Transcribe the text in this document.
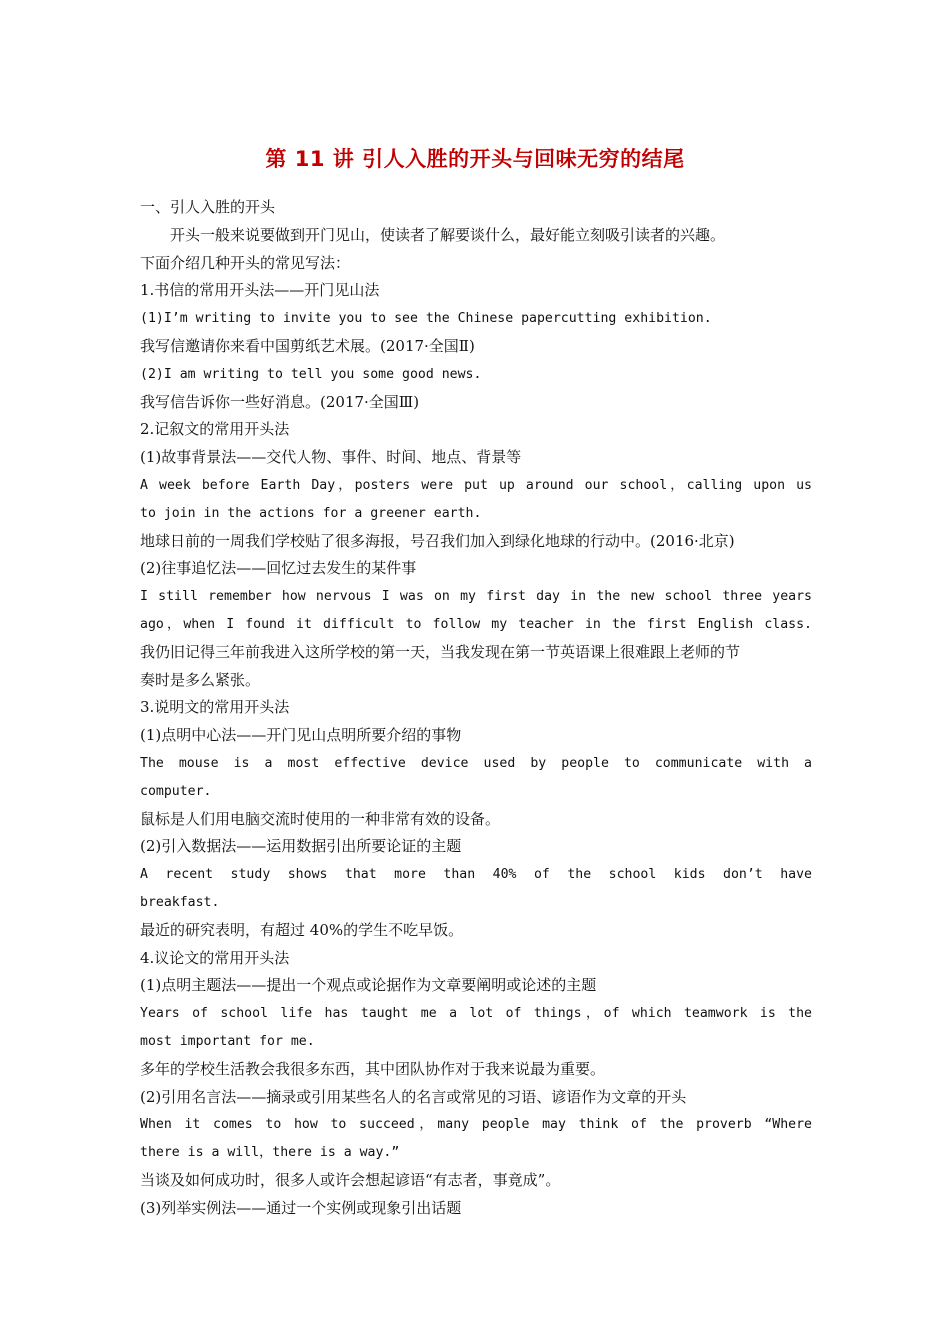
第 11 讲 引人入胜的开头与回味无穷的结尾
一、引人入胜的开头
开头一般来说要做到开门见山，使读者了解要谈什么，最好能立刻吸引读者的兴趣。
下面介绍几种开头的常见写法：
1.书信的常用开头法——开门见山法
(1)I’m writing to invite you to see the Chinese papercutting exhibition.
我写信邀请你来看中国剪纸艺术展。(2017·全国Ⅱ)
(2)I am writing to tell you some good news.
我写信告诉你一些好消息。(2017·全国Ⅲ)
2.记叙文的常用开头法
(1)故事背景法——交代人物、事件、时间、地点、背景等
A week before Earth Day，posters were put up around our school，calling upon us
to join in the actions for a greener earth.
地球日前的一周我们学校贴了很多海报，号召我们加入到绿化地球的行动中。(2016·北京)
(2)往事追忆法——回忆过去发生的某件事
I still remember how nervous I was on my first day in the new school three years
ago，when I found it difficult to follow my teacher in the first English class.
我仍旧记得三年前我进入这所学校的第一天，当我发现在第一节英语课上很难跟上老师的节
奏时是多么紧张。
3.说明文的常用开头法
(1)点明中心法——开门见山点明所要介绍的事物
The mouse is a most effective device used by people to communicate with a
computer.
鼠标是人们用电脑交流时使用的一种非常有效的设备。
(2)引入数据法——运用数据引出所要论证的主题
A recent study shows that more than 40% of the school kids don’t have
breakfast.
最近的研究表明，有超过 40%的学生不吃早饭。
4.议论文的常用开头法
(1)点明主题法——提出一个观点或论据作为文章要阐明或论述的主题
Years of school life has taught me a lot of things，of which teamwork is the
most important for me.
多年的学校生活教会我很多东西，其中团队协作对于我来说最为重要。
(2)引用名言法——摘录或引用某些名人的名言或常见的习语、谚语作为文章的开头
When it comes to how to succeed，many people may think of the proverb “Where
there is a will，there is a way.”
当谈及如何成功时，很多人或许会想起谚语“有志者，事竟成”。
(3)列举实例法——通过一个实例或现象引出话题
